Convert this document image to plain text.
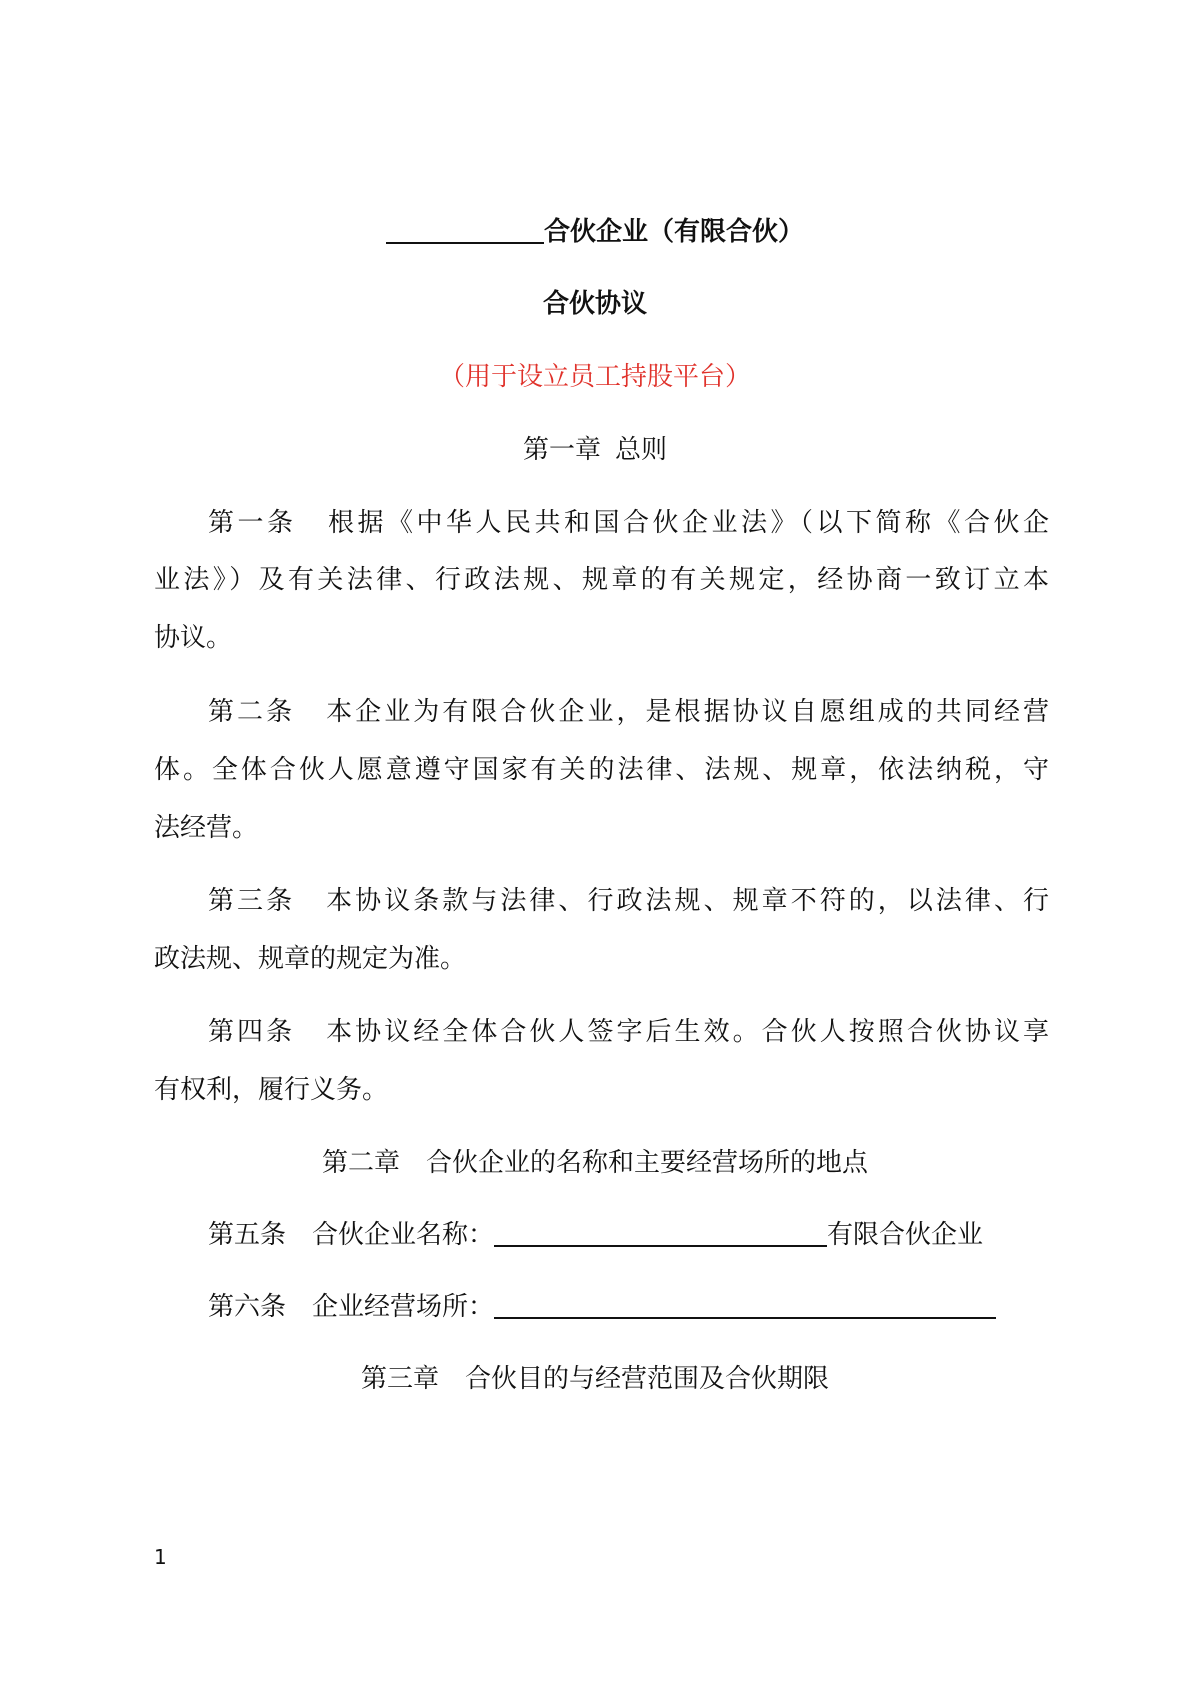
合伙企业（有限合伙）
合伙协议
（用于设立员工持股平台）
第一章 总则
第一条 根据《中华人民共和国合伙企业法》（以下简称《合伙企
业法》）及有关法律、行政法规、规章的有关规定，经协商一致订立本
协议。
第二条 本企业为有限合伙企业，是根据协议自愿组成的共同经营
体。全体合伙人愿意遵守国家有关的法律、法规、规章，依法纳税，守
法经营。
第三条 本协议条款与法律、行政法规、规章不符的，以法律、行
政法规、规章的规定为准。
第四条 本协议经全体合伙人签字后生效。合伙人按照合伙协议享
有权利，履行义务。
第二章 合伙企业的名称和主要经营场所的地点
第五条 合伙企业名称：	有限合伙企业
第六条 企业经营场所：
第三章 合伙目的与经营范围及合伙期限
1
